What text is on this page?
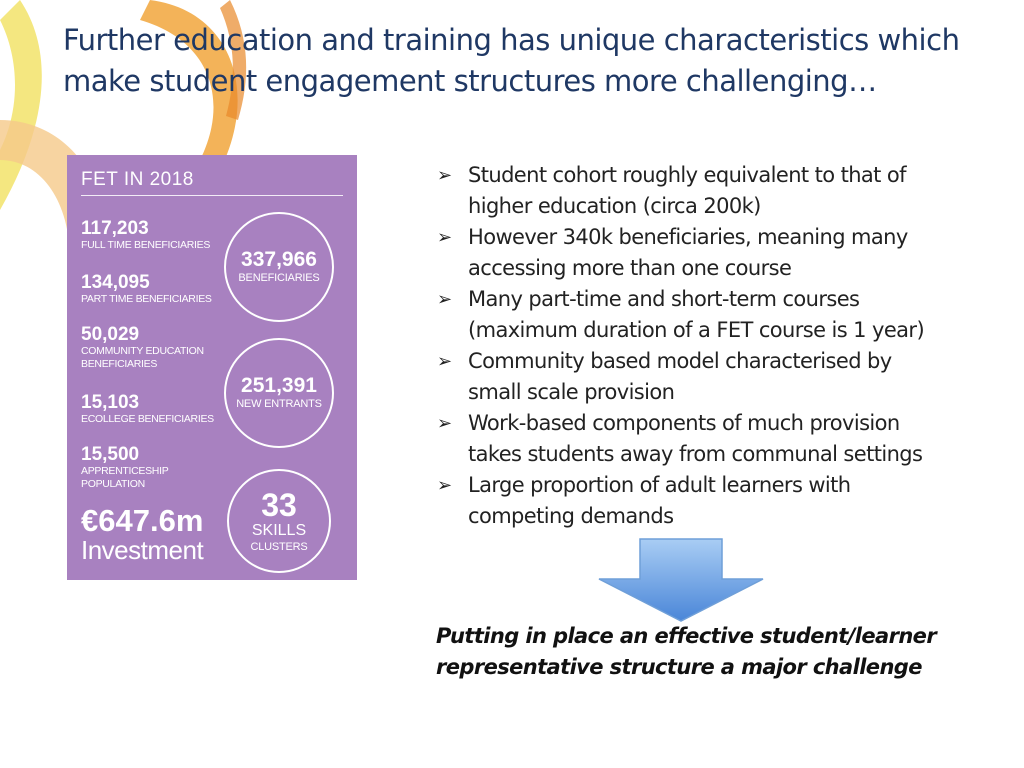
Further education and training has unique characteristics which
make student engagement structures more challenging…
FET IN 2018
117,203
FULL TIME BENEFICIARIES
134,095
PART TIME BENEFICIARIES
50,029
COMMUNITY EDUCATION BENEFICIARIES
15,103
ECOLLEGE BENEFICIARIES
15,500
APPRENTICESHIP POPULATION
€647.6m
Investment
337,966
BENEFICIARIES
251,391
NEW ENTRANTS
33
SKILLS
CLUSTERS
➢ Student cohort roughly equivalent to that of
higher education (circa 200k)
➢ However 340k beneficiaries, meaning many
accessing more than one course
➢ Many part-time and short-term courses
(maximum duration of a FET course is 1 year)
➢ Community based model characterised by
small scale provision
➢ Work-based components of much provision
takes students away from communal settings
➢ Large proportion of adult learners with
competing demands
Putting in place an effective student/learner
representative structure a major challenge
